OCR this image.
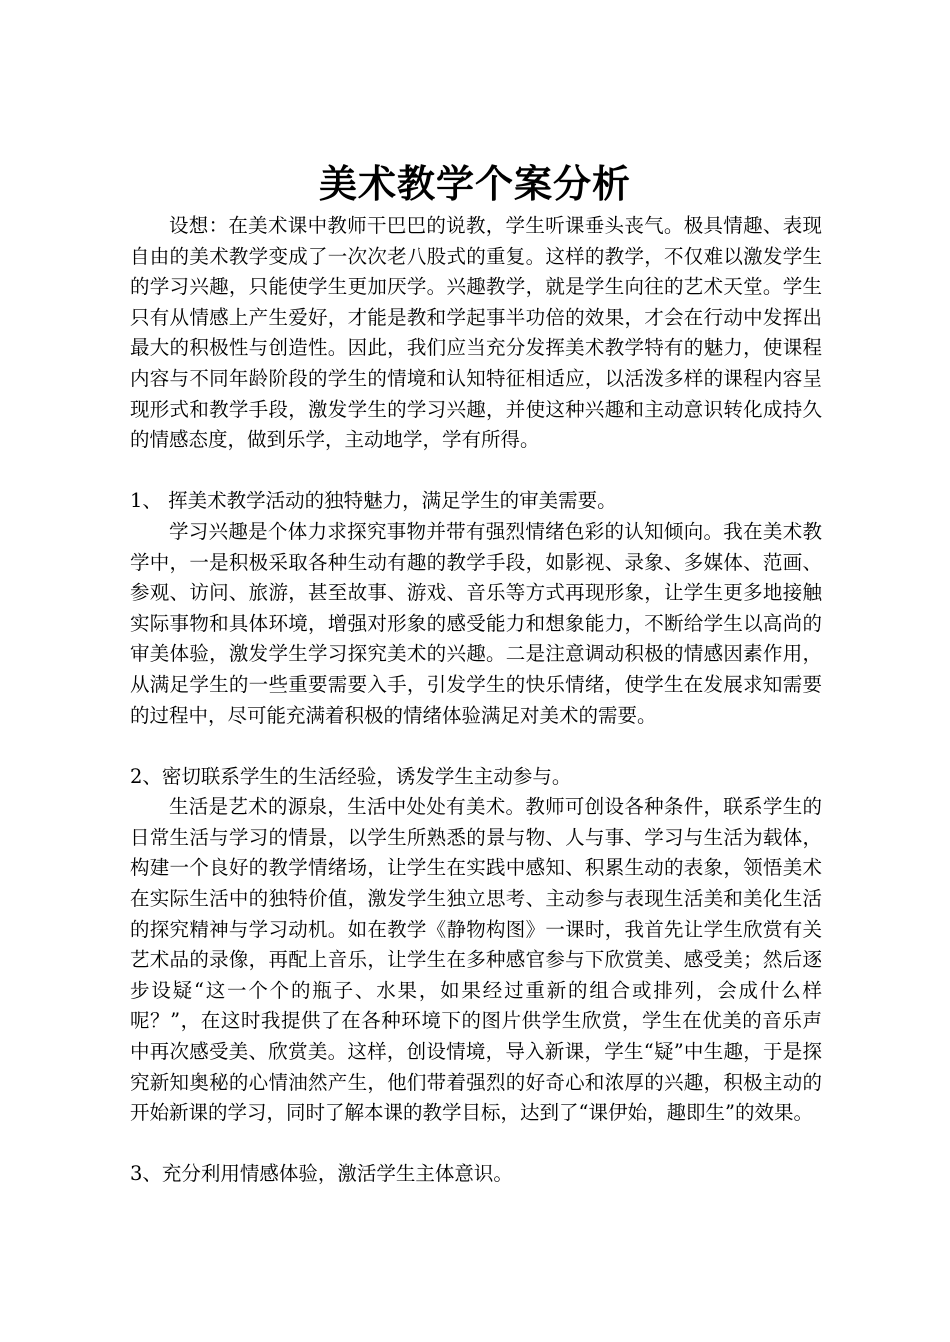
美术教学个案分析

设想：在美术课中教师干巴巴的说教，学生听课垂头丧气。极具情趣、表现自由的美术教学变成了一次次老八股式的重复。这样的教学，不仅难以激发学生的学习兴趣，只能使学生更加厌学。兴趣教学，就是学生向往的艺术天堂。学生只有从情感上产生爱好，才能是教和学起事半功倍的效果，才会在行动中发挥出最大的积极性与创造性。因此，我们应当充分发挥美术教学特有的魅力，使课程内容与不同年龄阶段的学生的情境和认知特征相适应，以活泼多样的课程内容呈现形式和教学手段，激发学生的学习兴趣，并使这种兴趣和主动意识转化成持久的情感态度，做到乐学，主动地学，学有所得。

1、 挥美术教学活动的独特魅力，满足学生的审美需要。

学习兴趣是个体力求探究事物并带有强烈情绪色彩的认知倾向。我在美术教学中，一是积极采取各种生动有趣的教学手段，如影视、录象、多媒体、范画、参观、访问、旅游，甚至故事、游戏、音乐等方式再现形象，让学生更多地接触实际事物和具体环境，增强对形象的感受能力和想象能力，不断给学生以高尚的审美体验，激发学生学习探究美术的兴趣。二是注意调动积极的情感因素作用，从满足学生的一些重要需要入手，引发学生的快乐情绪，使学生在发展求知需要的过程中，尽可能充满着积极的情绪体验满足对美术的需要。

2、密切联系学生的生活经验，诱发学生主动参与。

生活是艺术的源泉，生活中处处有美术。教师可创设各种条件，联系学生的日常生活与学习的情景，以学生所熟悉的景与物、人与事、学习与生活为载体，构建一个良好的教学情绪场，让学生在实践中感知、积累生动的表象，领悟美术在实际生活中的独特价值，激发学生独立思考、主动参与表现生活美和美化生活的探究精神与学习动机。如在教学《静物构图》一课时，我首先让学生欣赏有关艺术品的录像，再配上音乐，让学生在多种感官参与下欣赏美、感受美；然后逐步设疑“这一个个的瓶子、水果，如果经过重新的组合或排列，会成什么样呢？”，在这时我提供了在各种环境下的图片供学生欣赏，学生在优美的音乐声中再次感受美、欣赏美。这样，创设情境，导入新课，学生“疑”中生趣，于是探究新知奥秘的心情油然产生，他们带着强烈的好奇心和浓厚的兴趣，积极主动的开始新课的学习，同时了解本课的教学目标，达到了“课伊始，趣即生”的效果。

3、充分利用情感体验，激活学生主体意识。
